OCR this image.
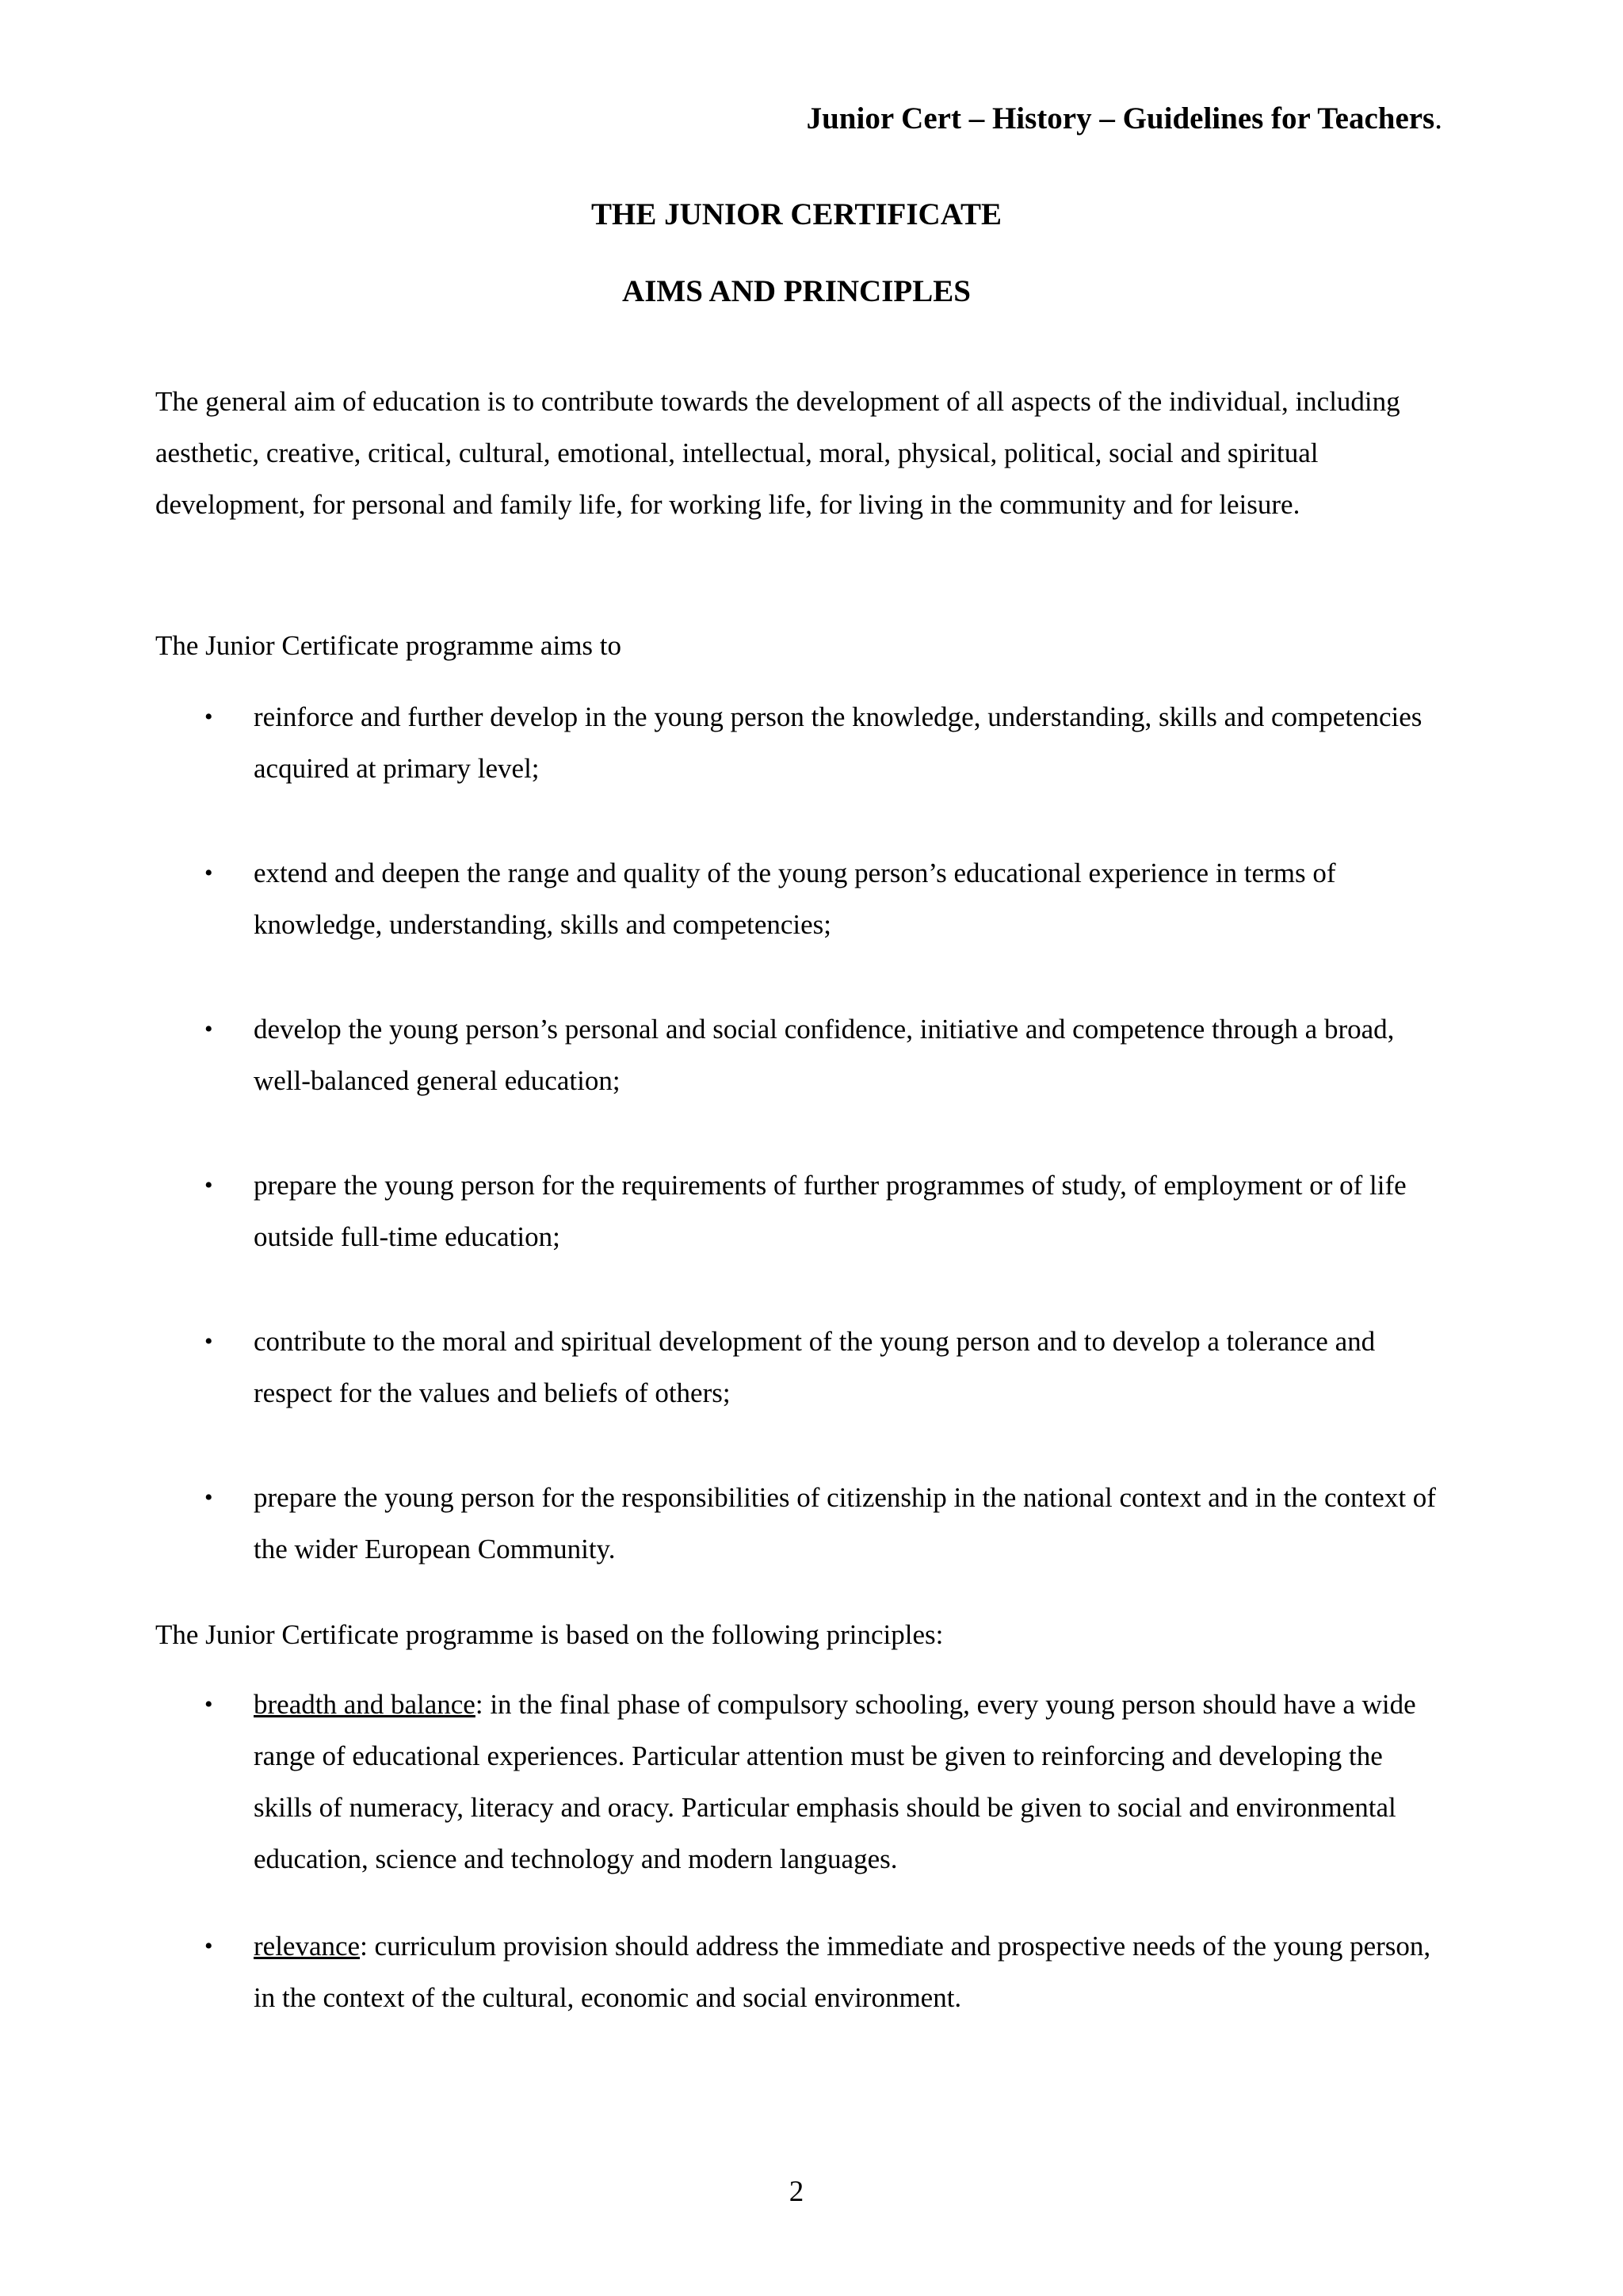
Junior Cert – History – Guidelines for Teachers.
THE JUNIOR CERTIFICATE
AIMS AND PRINCIPLES

The general aim of education is to contribute towards the development of all aspects of the individual, including aesthetic, creative, critical, cultural, emotional, intellectual, moral, physical, political, social and spiritual development, for personal and family life, for working life, for living in the community and for leisure.

The Junior Certificate programme aims to
• reinforce and further develop in the young person the knowledge, understanding, skills and competencies acquired at primary level;
• extend and deepen the range and quality of the young person’s educational experience in terms of knowledge, understanding, skills and competencies;
• develop the young person’s personal and social confidence, initiative and competence through a broad, well-balanced general education;
• prepare the young person for the requirements of further programmes of study, of employment or of life outside full-time education;
• contribute to the moral and spiritual development of the young person and to develop a tolerance and respect for the values and beliefs of others;
• prepare the young person for the responsibilities of citizenship in the national context and in the context of the wider European Community.
The Junior Certificate programme is based on the following principles:
• breadth and balance: in the final phase of compulsory schooling, every young person should have a wide range of educational experiences. Particular attention must be given to reinforcing and developing the skills of numeracy, literacy and oracy. Particular emphasis should be given to social and environmental education, science and technology and modern languages.
• relevance: curriculum provision should address the immediate and prospective needs of the young person, in the context of the cultural, economic and social environment.
2
